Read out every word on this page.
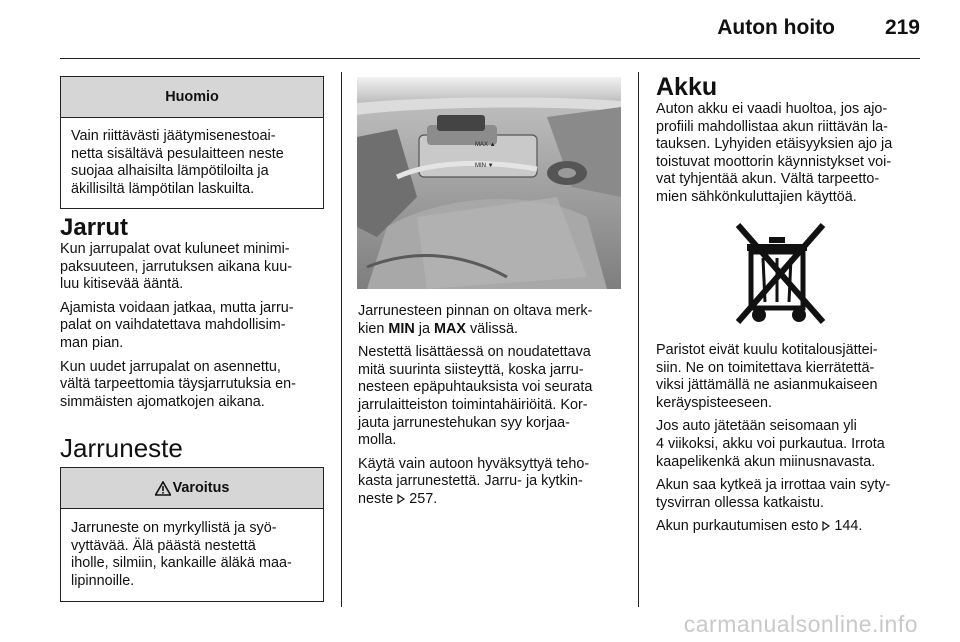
Auton hoito 219
Huomio
Vain riittävästi jäätymisenestoai-
netta sisältävä pesulaitteen neste
suojaa alhaisilta lämpötiloilta ja
äkillisiltä lämpötilan laskuilta.
Jarrut

Kun jarrupalat ovat kuluneet minimi-
paksuuteen, jarrutuksen aikana kuu-
luu kitisevää ääntä.

Ajamista voidaan jatkaa, mutta jarru-
palat on vaihdatettava mahdollisim-
man pian.

Kun uudet jarrupalat on asennettu,
vältä tarpeettomia täysjarrutuksia en-
simmäisten ajomatkojen aikana.

Jarruneste
Varoitus
Jarruneste on myrkyllistä ja syö-
vyttävää. Älä päästä nestettä
iholle, silmiin, kankaille äläkä maa-
lipinnoille.
MAX ▲
MIN ▼

Jarrunesteen pinnan on oltava merk-
kien MIN ja MAX välissä.

Nestettä lisättäessä on noudatettava
mitä suurinta siisteyttä, koska jarru-
nesteen epäpuhtauksista voi seurata
jarrulaitteiston toimintahäiriöitä. Kor-
jauta jarrunestehukan syy korjaa-
molla.

Käytä vain autoon hyväksyttyä teho-
kasta jarrunestettä. Jarru- ja kytkin-
neste
257.

Akku

Auton akku ei vaadi huoltoa, jos ajo-
profiili mahdollistaa akun riittävän la-
tauksen. Lyhyiden etäisyyksien ajo ja
toistuvat moottorin käynnistykset voi-
vat tyhjentää akun. Vältä tarpeetto-
mien sähkönkuluttajien käyttöä.

Paristot eivät kuulu kotitalousjättei-
siin. Ne on toimitettava kierrätettä-
viksi jättämällä ne asianmukaiseen
keräyspisteeseen.

Jos auto jätetään seisomaan yli
4 viikoksi, akku voi purkautua. Irrota
kaapelikenkä akun miinusnavasta.

Akun saa kytkeä ja irrottaa vain syty-
tysvirran ollessa katkaistu.

Akun purkautumisen esto
144.

carmanualsonline.info
